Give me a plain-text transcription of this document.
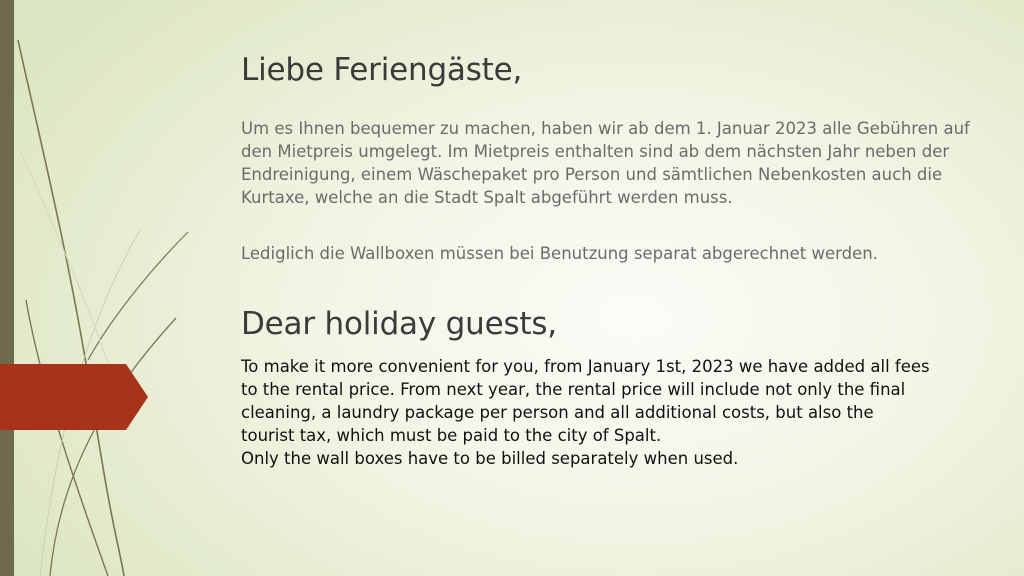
Liebe Feriengäste,

Um es Ihnen bequemer zu machen, haben wir ab dem 1. Januar 2023 alle Gebühren auf den Mietpreis umgelegt. Im Mietpreis enthalten sind ab dem nächsten Jahr neben der Endreinigung, einem Wäschepaket pro Person und sämtlichen Nebenkosten auch die Kurtaxe, welche an die Stadt Spalt abgeführt werden muss.

Lediglich die Wallboxen müssen bei Benutzung separat abgerechnet werden.

Dear holiday guests,

To make it more convenient for you, from January 1st, 2023 we have added all fees to the rental price. From next year, the rental price will include not only the final cleaning, a laundry package per person and all additional costs, but also the tourist tax, which must be paid to the city of Spalt.

Only the wall boxes have to be billed separately when used.
